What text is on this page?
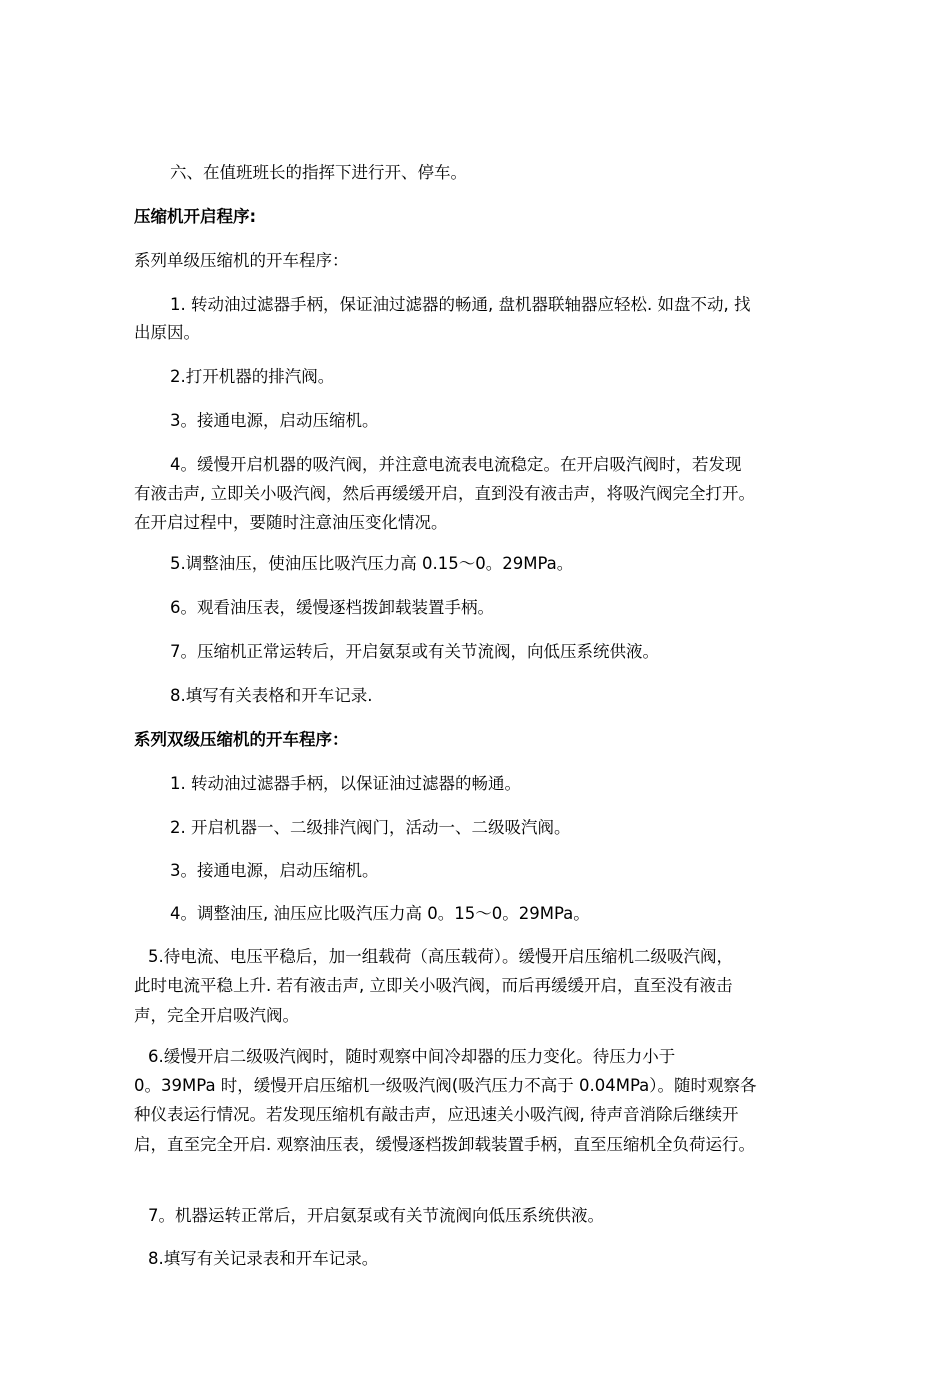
六、在值班班长的指挥下进行开、停车。
压缩机开启程序:
系列单级压缩机的开车程序：
1. 转动油过滤器手柄，保证油过滤器的畅通, 盘机器联轴器应轻松. 如盘不动, 找
出原因。
2.打开机器的排汽阀。
3。接通电源，启动压缩机。
4。缓慢开启机器的吸汽阀，并注意电流表电流稳定。在开启吸汽阀时，若发现
有液击声, 立即关小吸汽阀，然后再缓缓开启，直到没有液击声，将吸汽阀完全打开。
在开启过程中，要随时注意油压变化情况。
5.调整油压，使油压比吸汽压力高 0.15～0。29MPa。
6。观看油压表，缓慢逐档拨卸载装置手柄。
7。压缩机正常运转后，开启氨泵或有关节流阀，向低压系统供液。
8.填写有关表格和开车记录.
系列双级压缩机的开车程序：
1. 转动油过滤器手柄，以保证油过滤器的畅通。
2. 开启机器一、二级排汽阀门，活动一、二级吸汽阀。
3。接通电源，启动压缩机。
4。调整油压, 油压应比吸汽压力高 0。15～0。29MPa。
5.待电流、电压平稳后，加一组载荷（高压载荷）。缓慢开启压缩机二级吸汽阀，
此时电流平稳上升. 若有液击声, 立即关小吸汽阀，而后再缓缓开启，直至没有液击
声，完全开启吸汽阀。
6.缓慢开启二级吸汽阀时，随时观察中间冷却器的压力变化。待压力小于
0。39MPa 时，缓慢开启压缩机一级吸汽阀(吸汽压力不高于 0.04MPa）。随时观察各
种仪表运行情况。若发现压缩机有敲击声，应迅速关小吸汽阀, 待声音消除后继续开
启，直至完全开启. 观察油压表，缓慢逐档拨卸载装置手柄，直至压缩机全负荷运行。
7。机器运转正常后，开启氨泵或有关节流阀向低压系统供液。
8.填写有关记录表和开车记录。
